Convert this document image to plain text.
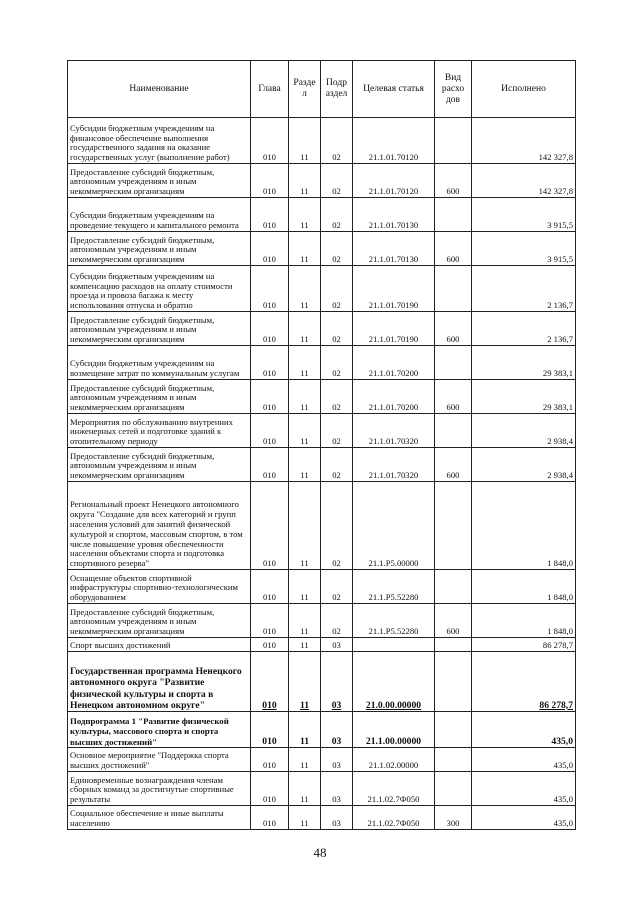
Наименование	Глава	Разде л	Подр аздел	Целевая статья	Вид расхо дов	Исполнено
Субсидии бюджетным учреждениям на финансовое обеспечение выполнения государственного задания на оказание государственных услуг (выполнение работ)	010	11	02	21.1.01.70120		142 327,8
Предоставление субсидий бюджетным, автономным учреждениям и иным некоммерческим организациям	010	11	02	21.1.01.70120	600	142 327,8
Субсидии бюджетным учреждениям на проведение текущего и капитального ремонта	010	11	02	21.1.01.70130		3 915,5
Предоставление субсидий бюджетным, автономным учреждениям и иным некоммерческим организациям	010	11	02	21.1.01.70130	600	3 915,5
Субсидии бюджетным учреждениям на компенсацию расходов на оплату стоимости проезда и провоза багажа к месту использования отпуска и обратно	010	11	02	21.1.01.70190		2 136,7
Предоставление субсидий бюджетным, автономным учреждениям и иным некоммерческим организациям	010	11	02	21.1.01.70190	600	2 136,7
Субсидии бюджетным учреждениям на возмещение затрат по коммунальным услугам	010	11	02	21.1.01.70200		29 383,1
Предоставление субсидий бюджетным, автономным учреждениям и иным некоммерческим организациям	010	11	02	21.1.01.70200	600	29 383,1
Мероприятия по обслуживанию внутренних инженерных сетей и подготовке зданий к отопительному периоду	010	11	02	21.1.01.70320		2 938,4
Предоставление субсидий бюджетным, автономным учреждениям и иным некоммерческим организациям	010	11	02	21.1.01.70320	600	2 938,4
Региональный проект Ненецкого автономного округа "Создание для всех категорий и групп населения условий для занятий физической культурой и спортом, массовым спортом, в том числе повышение уровня обеспеченности населения объектами спорта и подготовка спортивного резерва"	010	11	02	21.1.P5.00000		1 848,0
Оснащение объектов спортивной инфраструктуры спортивно-технологическим оборудованием	010	11	02	21.1.P5.52280		1 848,0
Предоставление субсидий бюджетным, автономным учреждениям и иным некоммерческим организациям	010	11	02	21.1.P5.52280	600	1 848,0
Спорт высших достижений	010	11	03			86 278,7
Государственная программа Ненецкого автономного округа "Развитие физической культуры и спорта в Ненецком автономном округе"	010	11	03	21.0.00.00000		86 278,7
Подпрограмма 1 "Развитие физической культуры, массового спорта и спорта высших достижений"	010	11	03	21.1.00.00000		435,0
Основное мероприятие "Поддержка спорта высших достижений"	010	11	03	21.1.02.00000		435,0
Единовременные вознаграждения членам сборных команд за достигнутые спортивные результаты	010	11	03	21.1.02.7Ф050		435,0
Социальное обеспечение и иные выплаты населению	010	11	03	21.1.02.7Ф050	300	435,0
48
